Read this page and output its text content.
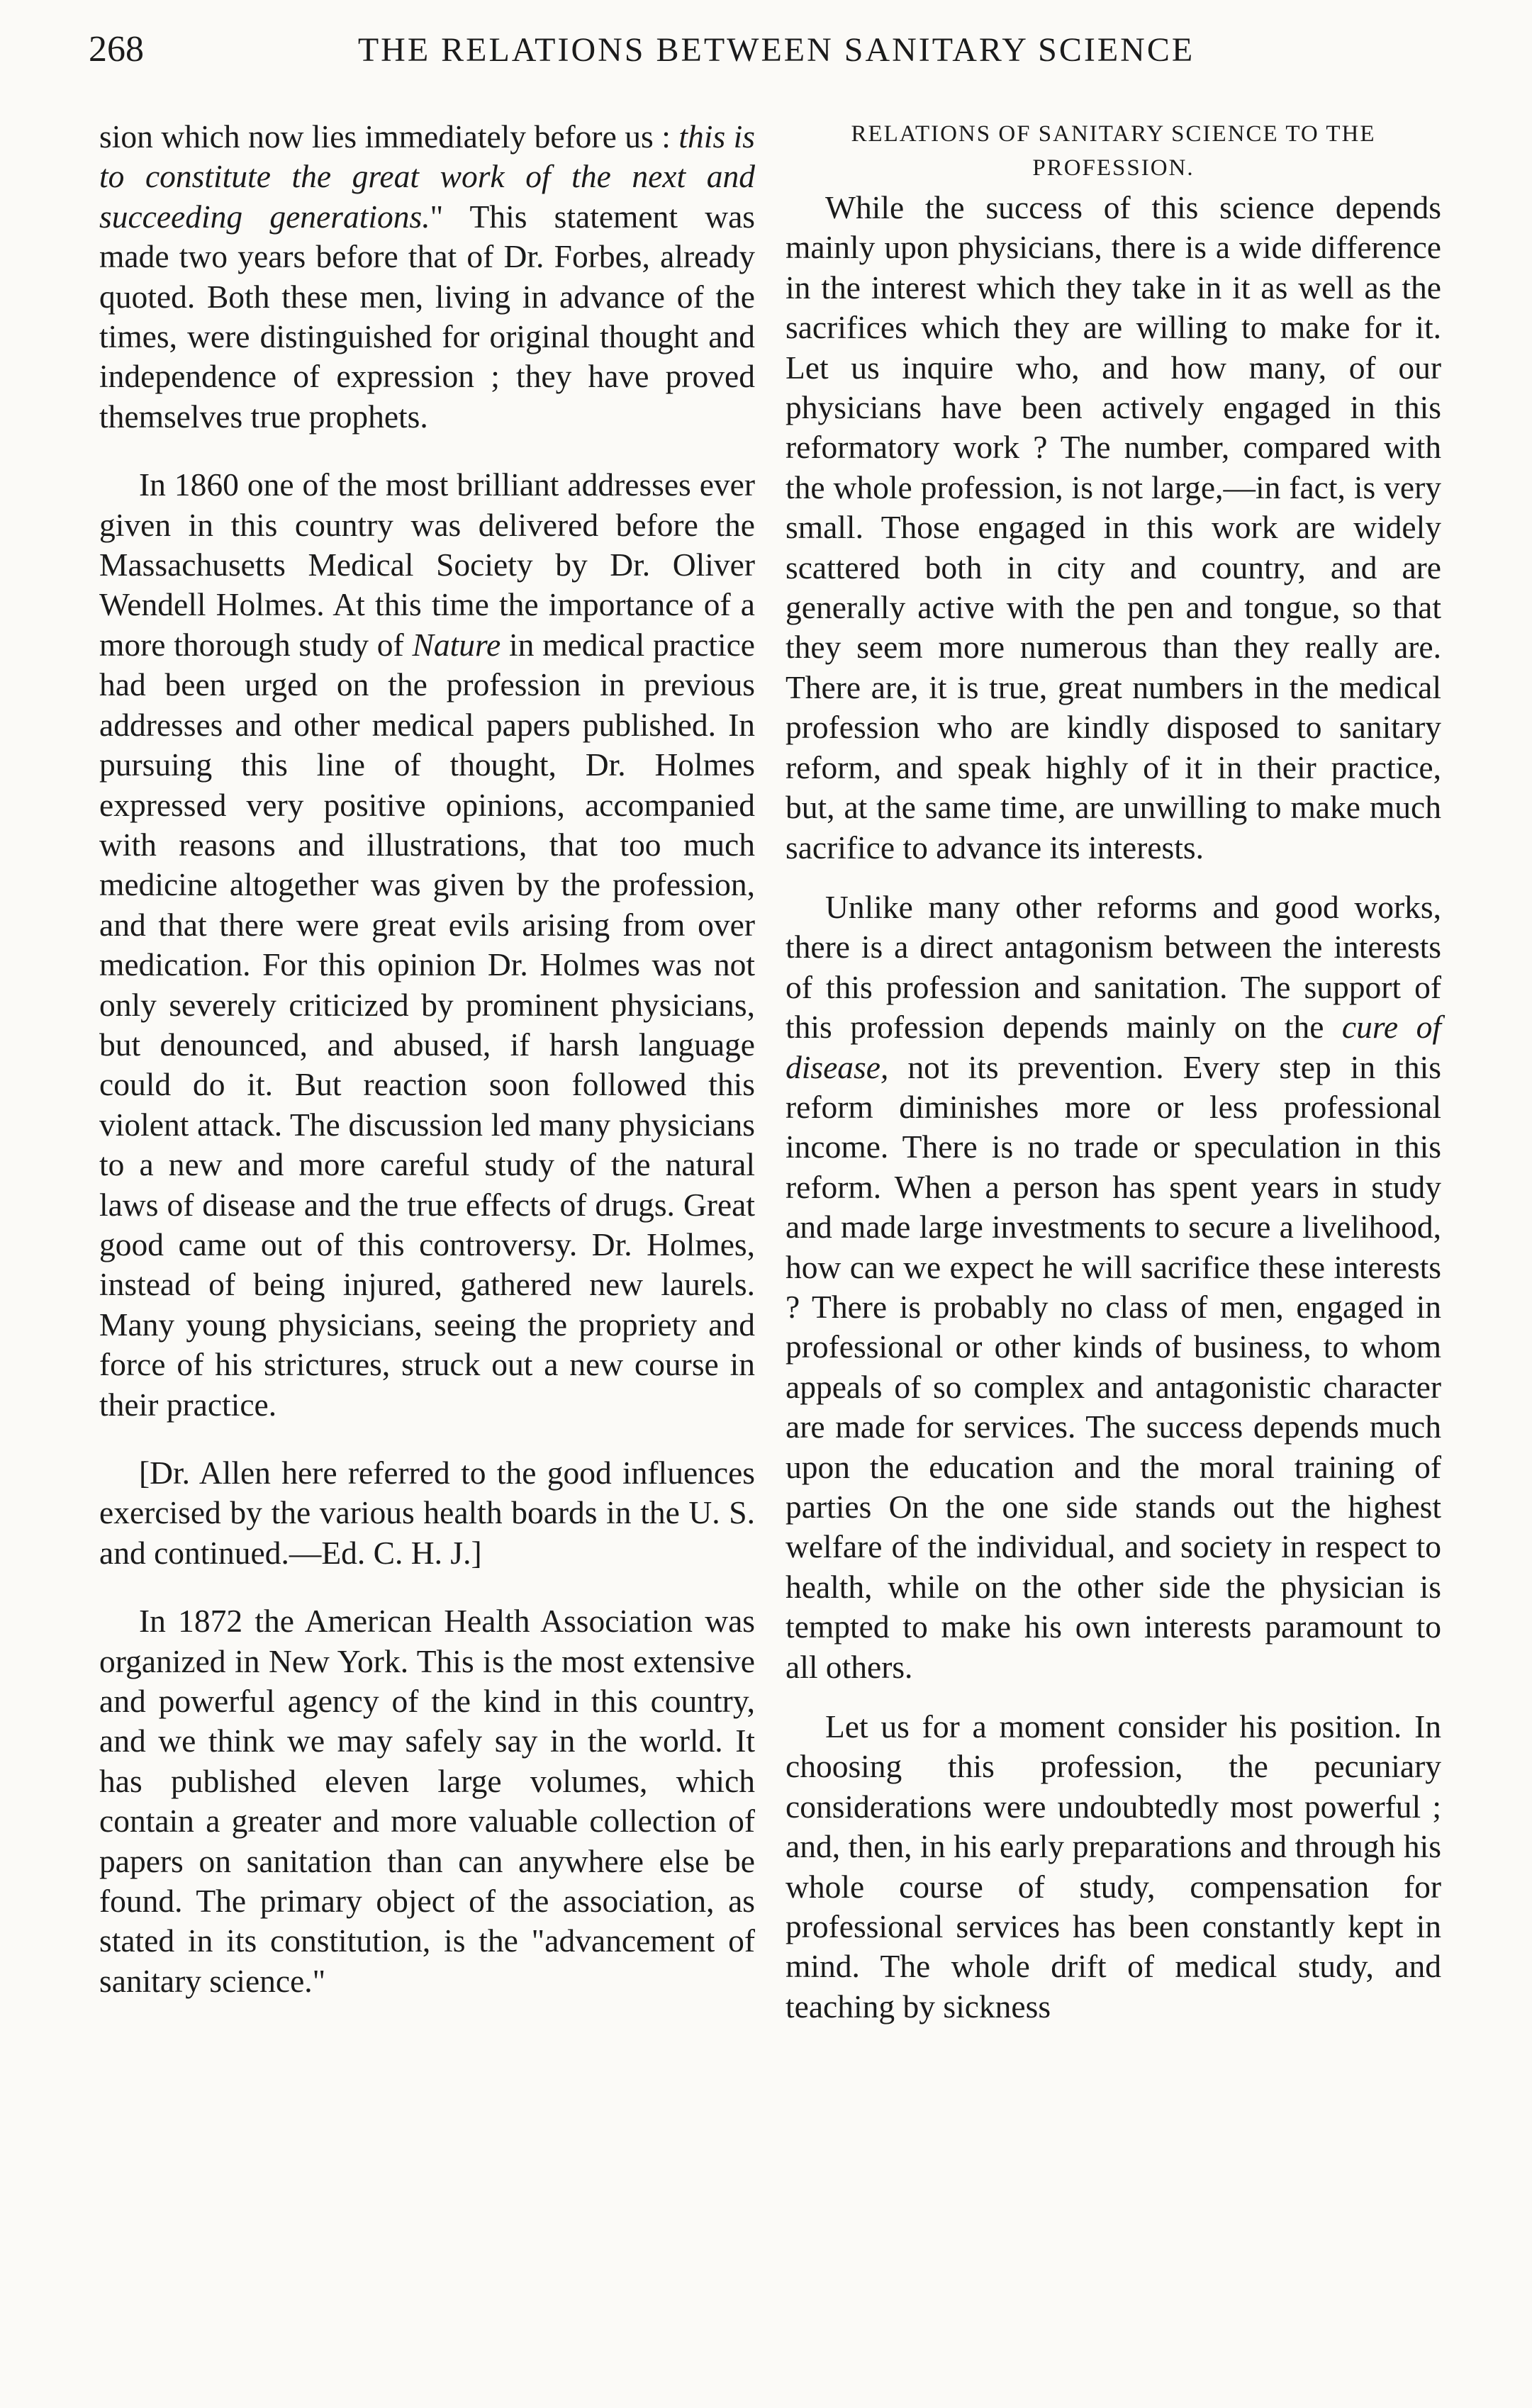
268	THE RELATIONS BETWEEN SANITARY SCIENCE

sion which now lies immediately before us : this is to constitute the great work of the next and succeeding generations." This statement was made two years before that of Dr. Forbes, already quoted. Both these men, living in advance of the times, were distinguished for original thought and independence of expression ; they have proved themselves true prophets.

In 1860 one of the most brilliant addresses ever given in this country was delivered before the Massachusetts Medical Society by Dr. Oliver Wendell Holmes. At this time the importance of a more thorough study of Nature in medical practice had been urged on the profession in previous addresses and other medical papers published. In pursuing this line of thought, Dr. Holmes expressed very positive opinions, accompanied with reasons and illustrations, that too much medicine altogether was given by the profession, and that there were great evils arising from over medication. For this opinion Dr. Holmes was not only severely criticized by prominent physicians, but denounced, and abused, if harsh language could do it. But reaction soon followed this violent attack. The discussion led many physicians to a new and more careful study of the natural laws of disease and the true effects of drugs. Great good came out of this controversy. Dr. Holmes, instead of being injured, gathered new laurels. Many young physicians, seeing the propriety and force of his strictures, struck out a new course in their practice.

[Dr. Allen here referred to the good influences exercised by the various health boards in the U. S. and continued.—Ed. C. H. J.]

In 1872 the American Health Association was organized in New York. This is the most extensive and powerful agency of the kind in this country, and we think we may safely say in the world. It has published eleven large volumes, which contain a greater and more valuable collection of papers on sanitation than can anywhere else be found. The primary object of the association, as stated in its constitution, is the "advancement of sanitary science."

RELATIONS OF SANITARY SCIENCE TO THE PROFESSION.

While the success of this science depends mainly upon physicians, there is a wide difference in the interest which they take in it as well as the sacrifices which they are willing to make for it. Let us inquire who, and how many, of our physicians have been actively engaged in this reformatory work ? The number, compared with the whole profession, is not large,—in fact, is very small. Those engaged in this work are widely scattered both in city and country, and are generally active with the pen and tongue, so that they seem more numerous than they really are. There are, it is true, great numbers in the medical profession who are kindly disposed to sanitary reform, and speak highly of it in their practice, but, at the same time, are unwilling to make much sacrifice to advance its interests.

Unlike many other reforms and good works, there is a direct antagonism between the interests of this profession and sanitation. The support of this profession depends mainly on the cure of disease, not its prevention. Every step in this reform diminishes more or less professional income. There is no trade or speculation in this reform. When a person has spent years in study and made large investments to secure a livelihood, how can we expect he will sacrifice these interests ? There is probably no class of men, engaged in professional or other kinds of business, to whom appeals of so complex and antagonistic character are made for services. The success depends much upon the education and the moral training of parties On the one side stands out the highest welfare of the individual, and society in respect to health, while on the other side the physician is tempted to make his own interests paramount to all others.

Let us for a moment consider his position. In choosing this profession, the pecuniary considerations were undoubtedly most powerful ; and, then, in his early preparations and through his whole course of study, compensation for professional services has been constantly kept in mind. The whole drift of medical study, and teaching by sickness
